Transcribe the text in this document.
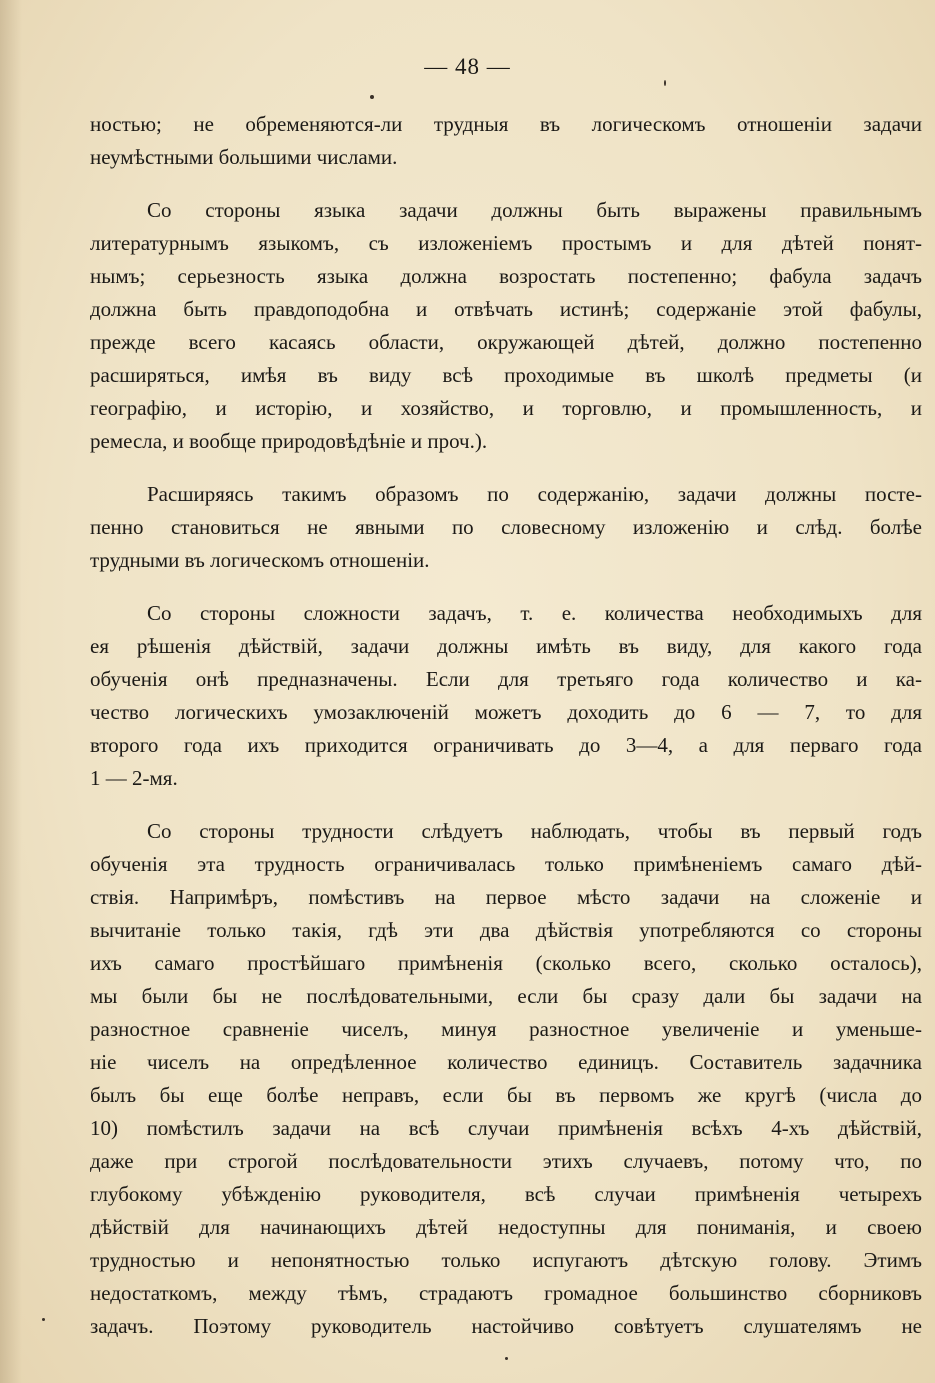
— 48 —
ностью; не обременяются-ли трудныя въ логическомъ отношенiи задачи
неумѣстными большими числами.
Со стороны языка задачи должны быть выражены правильнымъ
литературнымъ языкомъ, съ изложенiемъ простымъ и для дѣтей понят-
нымъ; серьезность языка должна возростать постепенно; фабула задачъ
должна быть правдоподобна и отвѣчать истинѣ; содержанiе этой фабулы,
прежде всего касаясь области, окружающей дѣтей, должно постепенно
расширяться, имѣя въ виду всѣ проходимые въ школѣ предметы (и
географiю, и исторiю, и хозяйство, и торговлю, и промышленность, и
ремесла, и вообще природовѣдѣнiе и проч.).
Расширяясь такимъ образомъ по содержанiю, задачи должны посте-
пенно становиться не явными по словесному изложенiю и слѣд. болѣе
трудными въ логическомъ отношенiи.
Со стороны сложности задачъ, т. е. количества необходимыхъ для
ея рѣшенiя дѣйствiй, задачи должны имѣть въ виду, для какого года
обученiя онѣ предназначены. Если для третьяго года количество и ка-
чество логическихъ умозаключенiй можетъ доходить до 6 — 7, то для
второго года ихъ приходится ограничивать до 3—4, а для перваго года
1 — 2-мя.
Со стороны трудности слѣдуетъ наблюдать, чтобы въ первый годъ
обученiя эта трудность ограничивалась только примѣненiемъ самаго дѣй-
ствiя. Напримѣръ, помѣстивъ на первое мѣсто задачи на сложенiе и
вычитанiе только такiя, гдѣ эти два дѣйствiя употребляются со стороны
ихъ самаго простѣйшаго примѣненiя (сколько всего, сколько осталось),
мы были бы не послѣдовательными, если бы сразу дали бы задачи на
разностное сравненiе чиселъ, минуя разностное увеличенiе и уменьше-
нiе чиселъ на опредѣленное количество единицъ. Составитель задачника
былъ бы еще болѣе неправъ, если бы въ первомъ же кругѣ (числа до
10) помѣстилъ задачи на всѣ случаи примѣненiя всѣхъ 4-хъ дѣйствiй,
даже при строгой послѣдовательности этихъ случаевъ, потому что, по
глубокому убѣжденiю руководителя, всѣ случаи примѣненiя четырехъ
дѣйствiй для начинающихъ дѣтей недоступны для пониманiя, и своею
трудностью и непонятностью только испугаютъ дѣтскую голову. Этимъ
недостаткомъ, между тѣмъ, страдаютъ громадное большинство сборниковъ
задачъ. Поэтому руководитель настойчиво совѣтуетъ слушателямъ не
